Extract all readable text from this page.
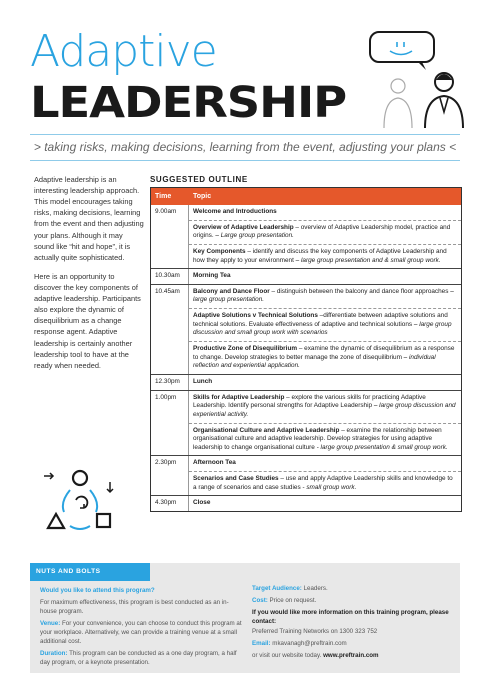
Adaptive
LEADERSHIP
> taking risks, making decisions, learning from the event, adjusting your plans <

Adaptive leadership is an interesting leadership approach. This model encourages taking risks, making decisions, learning from the event and then adjusting your plans. Although it may sound like “hit and hope”, it is actually quite sophisticated.

Here is an opportunity to discover the key components of adaptive leadership. Participants also explore the dynamic of disequilibrium as a change response agent. Adaptive leadership is certainly another leadership tool to have at the ready when needed.

SUGGESTED OUTLINE
Time	Topic
9.00am	Welcome and Introductions
Overview of Adaptive Leadership – overview of Adaptive Leadership model, practice and origins. – Large group presentation.
Key Components – identify and discuss the key components of Adaptive Leadership and how they apply to your environment – large group presentation and & small group work.
10.30am	Morning Tea
10.45am	Balcony and Dance Floor – distinguish between the balcony and dance floor approaches – large group presentation.
Adaptive Solutions v Technical Solutions –differentiate between adaptive solutions and technical solutions. Evaluate effectiveness of adaptive and technical solutions – large group discussion and small group work with scenarios
Productive Zone of Disequilibrium – examine the dynamic of disequilibrium as a response to change. Develop strategies to better manage the zone of disequilibrium – individual reflection and experiential application.
12.30pm	Lunch
1.00pm	Skills for Adaptive Leadership – explore the various skills for practicing Adaptive Leadership. Identify personal strengths for Adaptive Leadership – large group discussion and experiential activity.
Organisational Culture and Adaptive Leadership – examine the relationship between organisational culture and adaptive leadership. Develop strategies for using adaptive leadership to change organisational culture - large group presentation & small group work.
2.30pm	Afternoon Tea
Scenarios and Case Studies – use and apply Adaptive Leadership skills and knowledge to a range of scenarios and case studies - small group work.
4.30pm	Close
NUTS AND BOLTS

Would you like to attend this program?

For maximum effectiveness, this program is best conducted as an in-house program.

Venue: For your convenience, you can choose to conduct this program at your workplace. Alternatively, we can provide a training venue at a small additional cost.

Duration: This program can be conducted as a one day program, a half day program, or a keynote presentation.

Target Audience: Leaders.

Cost: Price on request.

If you would like more information on this training program, please contact:

Preferred Training Networks on 1300 323 752

Email: mkavanagh@preftrain.com

or visit our website today. www.preftrain.com
